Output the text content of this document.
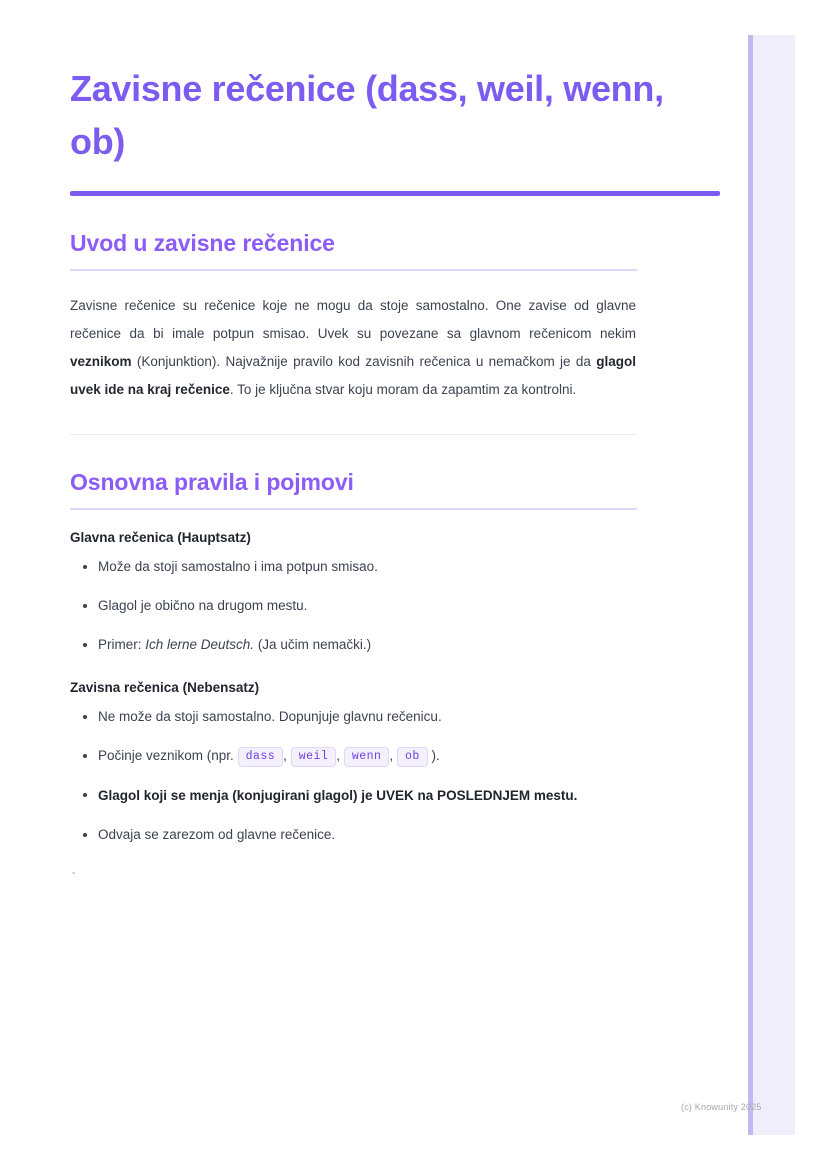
Zavisne rečenice (dass, weil, wenn, ob)
Uvod u zavisne rečenice

Zavisne rečenice su rečenice koje ne mogu da stoje samostalno. One zavise od glavne rečenice da bi imale potpun smisao. Uvek su povezane sa glavnom rečenicom nekim veznikom (Konjunktion). Najvažnije pravilo kod zavisnih rečenica u nemačkom je da glagol uvek ide na kraj rečenice. To je ključna stvar koju moram da zapamtim za kontrolni.

Osnovna pravila i pojmovi
Glavna rečenica (Hauptsatz)
Može da stoji samostalno i ima potpun smisao.
Glagol je obično na drugom mestu.
Primer: Ich lerne Deutsch. (Ja učim nemački.)
Zavisna rečenica (Nebensatz)
Ne može da stoji samostalno. Dopunjuje glavnu rečenicu.
Počinje veznikom (npr. dass , weil , wenn , ob ).
Glagol koji se menja (konjugirani glagol) je UVEK na POSLEDNJEM mestu.
Odvaja se zarezom od glavne rečenice.
`
(c) Knowunity 2025
